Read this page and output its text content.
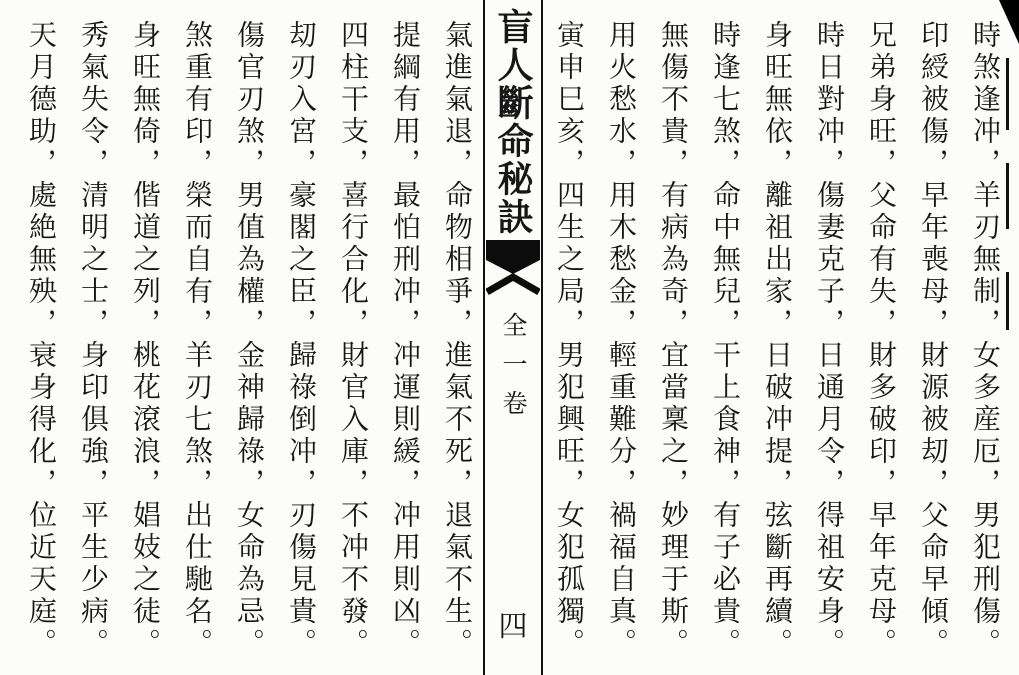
時煞逢冲，羊刃無制，女多産厄，男犯刑傷。
印綬被傷，早年喪母，財源被刧，父命早傾。
兄弟身旺，父命有失，財多破印，早年克母。
時日對冲，傷妻克子，日通月令，得祖安身。
身旺無依，離祖出家，日破冲提，弦斷再續。
時逢七煞，命中無兒，干上食神，有子必貴。
無傷不貴，有病為奇，宜當稟之，妙理于斯。
用火愁水，用木愁金，輕重難分，禍福自真。
寅申巳亥，四生之局，男犯興旺，女犯孤獨。
盲人斷命秘訣
全一卷
四
氣進氣退，命物相爭，進氣不死，退氣不生。
提綱有用，最怕刑冲，冲運則緩，冲用則凶。
四柱干支，喜行合化，財官入庫，不冲不發。
刧刃入宮，豪閣之臣，歸祿倒冲，刃傷見貴。
傷官刃煞，男值為權，金神歸祿，女命為忌。
煞重有印，榮而自有，羊刃七煞，出仕馳名。
身旺無倚，偕道之列，桃花滾浪，娼妓之徒。
秀氣失令，清明之士，身印俱強，平生少病。
天月德助，處絶無殃，衰身得化，位近天庭。
